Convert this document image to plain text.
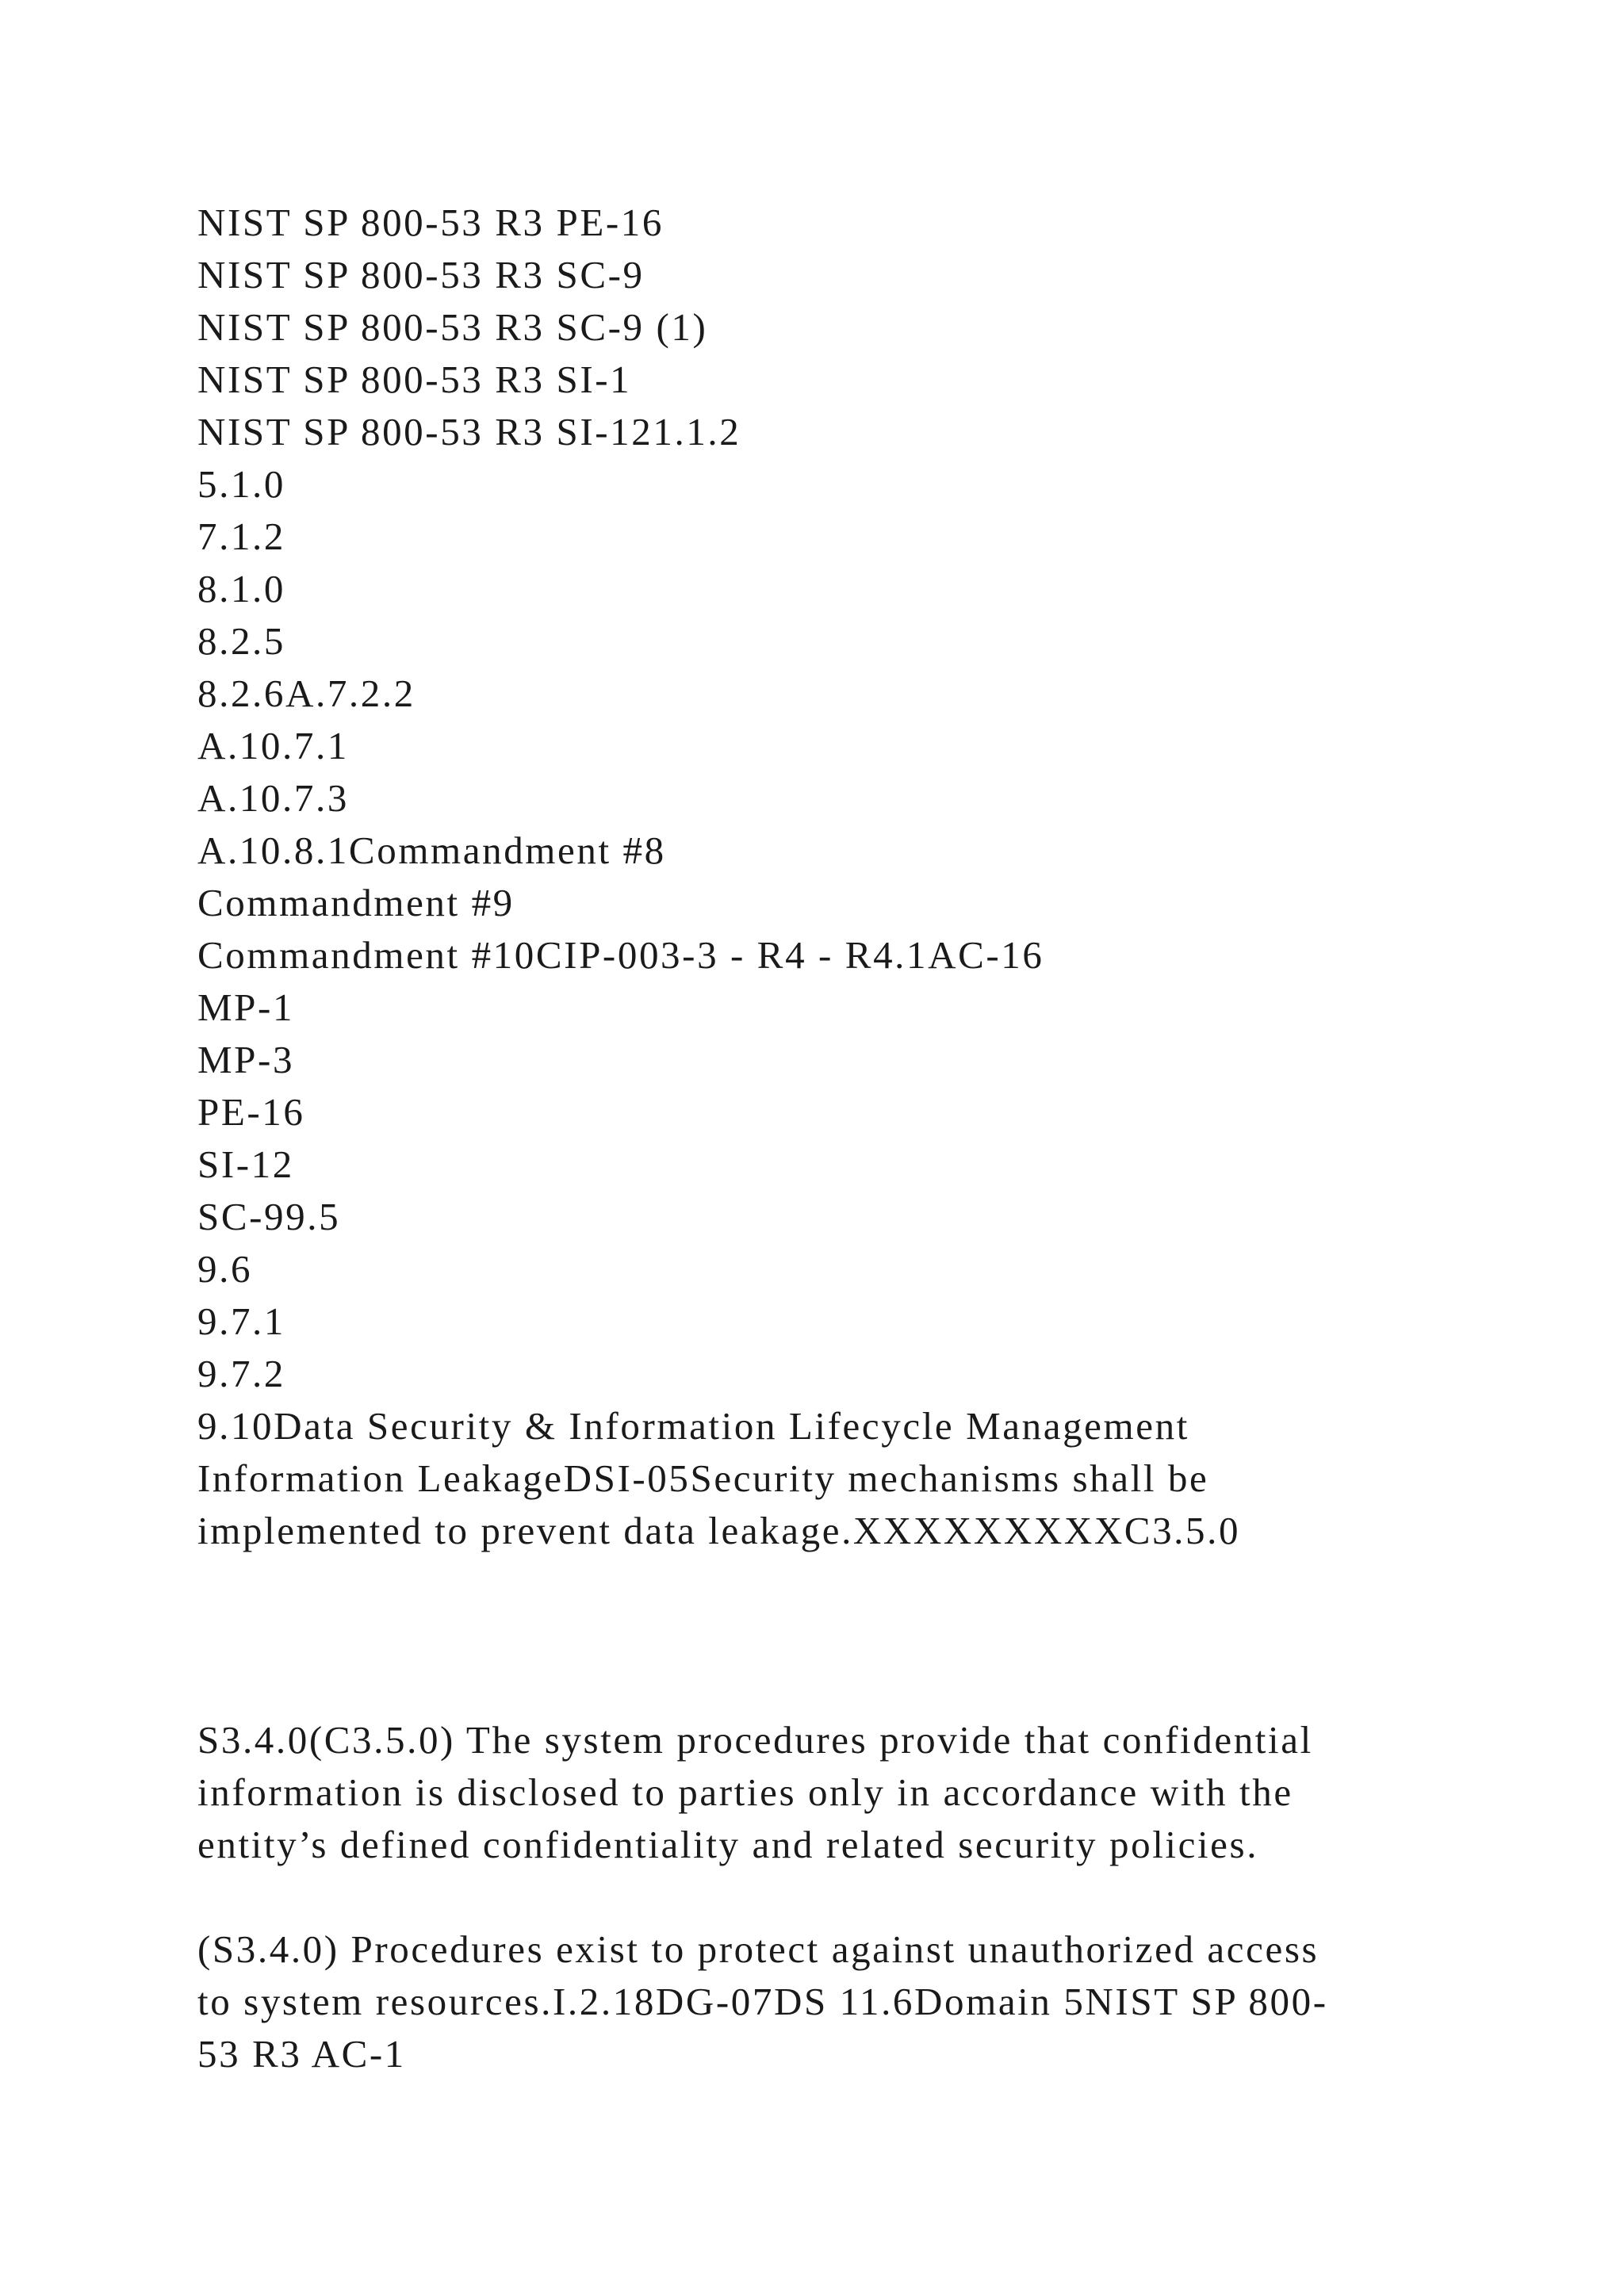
NIST SP 800-53 R3 PE-16
NIST SP 800-53 R3 SC-9
NIST SP 800-53 R3 SC-9 (1)
NIST SP 800-53 R3 SI-1
NIST SP 800-53 R3 SI-121.1.2
5.1.0
7.1.2
8.1.0
8.2.5
8.2.6A.7.2.2
A.10.7.1
A.10.7.3
A.10.8.1Commandment #8
Commandment #9
Commandment #10CIP-003-3 - R4 - R4.1AC-16
MP-1
MP-3
PE-16
SI-12
SC-99.5
9.6
9.7.1
9.7.2
9.10Data Security & Information Lifecycle Management
Information LeakageDSI-05Security mechanisms shall be
implemented to prevent data leakage.XXXXXXXXXC3.5.0
S3.4.0(C3.5.0) The system procedures provide that confidential
information is disclosed to parties only in accordance with the
entity’s defined confidentiality and related security policies.
(S3.4.0) Procedures exist to protect against unauthorized access
to system resources.I.2.18DG-07DS 11.6Domain 5NIST SP 800-
53 R3 AC-1
